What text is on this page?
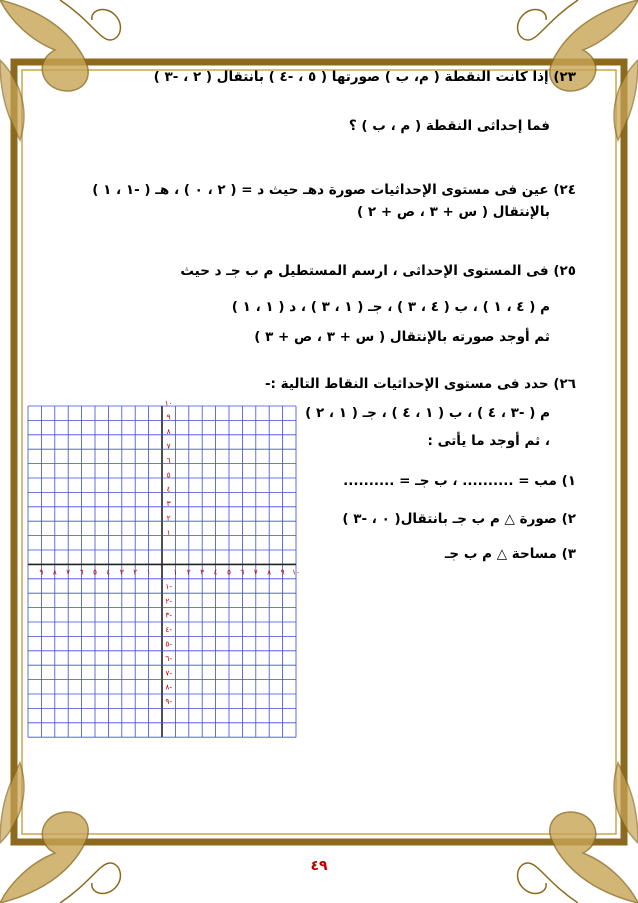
٢٣) إذا كانت النقطة ( م، ب ) صورتها ( ٥ ، -٤ ) بانتقال ( ٢ ، -٣ )
فما إحداثى النقطة ( م ، ب ) ؟
٢٤) عين فى مستوى الإحداثيات صورة دهـ حيث د = ( ٢ ، ٠ ) ، هـ ( -١ ، ١ )
بالإنتقال ( س + ٣ ، ص + ٢ )
٢٥) فى المستوى الإحداثى ، ارسم المستطيل م ب جـ د حيث
م ( ٤ ، ١ ) ، ب ( ٤ ، ٣ ) ، جـ ( ١ ، ٣ ) ، د ( ١ ، ١ )
ثم أوجد صورته بالإنتقال ( س + ٣ ، ص + ٣ )
٢٦) حدد فى مستوى الإحداثيات النقاط التالية :-
م ( -٣ ، ٤ ) ، ب ( ١ ، ٤ ) ، جـ ( ١ ، ٢ )
، ثم أوجد ما يأتى :
١) مب = .......... ، ب جـ = ..........
٢) صورة △ م ب جـ بانتقال( ٠ ، -٣ )
٣) مساحة △ م ب جـ
٩ ٨ ٧ ٦ ٥ ٤ ٣ ٢ ١	١ ٢ ٣ ٤ ٥ ٦ ٧ ٨ ٩ ١٠
١٠
٩
٨
٧
٦
٥
٤
٣
٢
١
١-
٢-
٣-
٤-
٥-
٦-
٧-
٨-
٩-
٤٩
